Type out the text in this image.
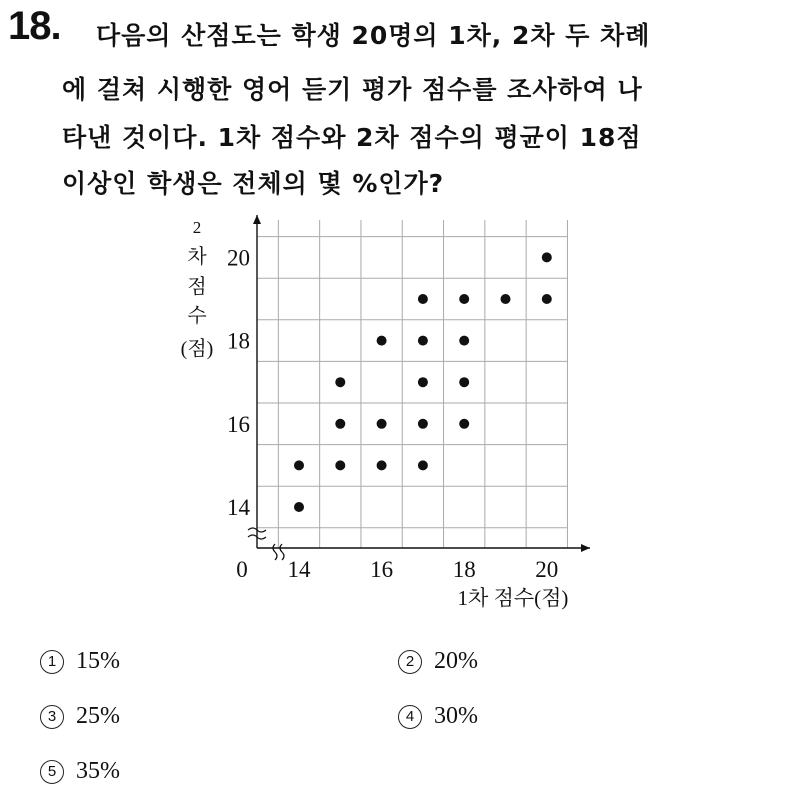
18. 다음의 산점도는 학생 20명의 1차, 2차 두 차례
에 걸쳐 시행한 영어 듣기 평가 점수를 조사하여 나
타낸 것이다. 1차 점수와 2차 점수의 평균이 18점
이상인 학생은 전체의 몇 %인가?
14	16	18	20
14
16
18
20
0
1차 점수(점)
2
차
점
수
(점)
1 15%	2 20%
3 25%	4 30%
5 35%
